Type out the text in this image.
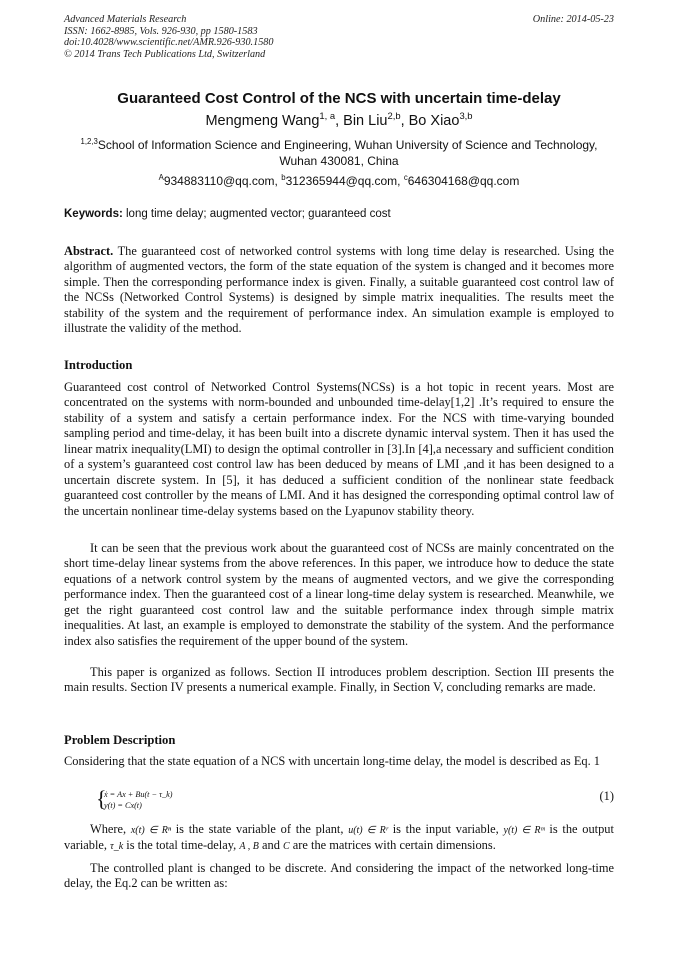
Advanced Materials Research
ISSN: 1662-8985, Vols. 926-930, pp 1580-1583
doi:10.4028/www.scientific.net/AMR.926-930.1580
© 2014 Trans Tech Publications Ltd, Switzerland
Online: 2014-05-23
Guaranteed Cost Control of the NCS with uncertain time-delay
Mengmeng Wang$^{1, a}$, Bin Liu$^{2,b}$, Bo Xiao$^{3,b}$
$^{1,2,3}$School of Information Science and Engineering, Wuhan University of Science and Technology, Wuhan 430081, China
$^A$934883110@qq.com, $^b$312365944@qq.com, $^c$646304168@qq.com
Keywords: long time delay; augmented vector; guaranteed cost
Abstract. The guaranteed cost of networked control systems with long time delay is researched. Using the algorithm of augmented vectors, the form of the state equation of the system is changed and it becomes more simple. Then the corresponding performance index is given. Finally, a suitable guaranteed cost control law of the NCSs (Networked Control Systems) is designed by simple matrix inequalities. The results meet the stability of the system and the requirement of performance index. An simulation example is employed to illustrate the validity of the method.
Introduction
Guaranteed cost control of Networked Control Systems(NCSs) is a hot topic in recent years. Most are concentrated on the systems with norm-bounded and unbounded time-delay[1,2] .It’s required to ensure the stability of a system and satisfy a certain performance index. For the NCS with time-varying bounded sampling period and time-delay, it has been built into a discrete dynamic interval system. Then it has used the linear matrix inequality(LMI) to design the optimal controller in [3].In [4],a necessary and sufficient condition of a system’s guaranteed cost control law has been deduced by means of LMI ,and it has been designed to a uncertain discrete system. In [5], it has deduced a sufficient condition of the nonlinear state feedback guaranteed cost controller by the means of LMI. And it has designed the corresponding optimal control law of the uncertain nonlinear time-delay systems based on the Lyapunov stability theory.
It can be seen that the previous work about the guaranteed cost of NCSs are mainly concentrated on the short time-delay linear systems from the above references. In this paper, we introduce how to deduce the state equations of a network control system by the means of augmented vectors, and we give the corresponding performance index. Then the guaranteed cost of a linear long-time delay system is researched. Meanwhile, we get the right guaranteed cost control law and the suitable performance index through simple matrix inequalities. At last, an example is employed to demonstrate the stability of the system. And the performance index also satisfies the requirement of the upper bound of the system.
This paper is organized as follows. Section II introduces problem description. Section III presents the main results. Section IV presents a numerical example. Finally, in Section V, concluding remarks are made.
Problem Description
Considering that the state equation of a NCS with uncertain long-time delay, the model is described as Eq. 1
{
ẋ = Ax + Bu(t − τ_k)
y(t) = Cx(t)
(1)
Where, x(t) ∈ Rⁿ is the state variable of the plant, u(t) ∈ Rʳ is the input variable, y(t) ∈ Rᵐ is the output variable, τ_k is the total time-delay, A , B and C are the matrices with certain dimensions.
The controlled plant is changed to be discrete. And considering the impact of the networked long-time delay, the Eq.2 can be written as:
